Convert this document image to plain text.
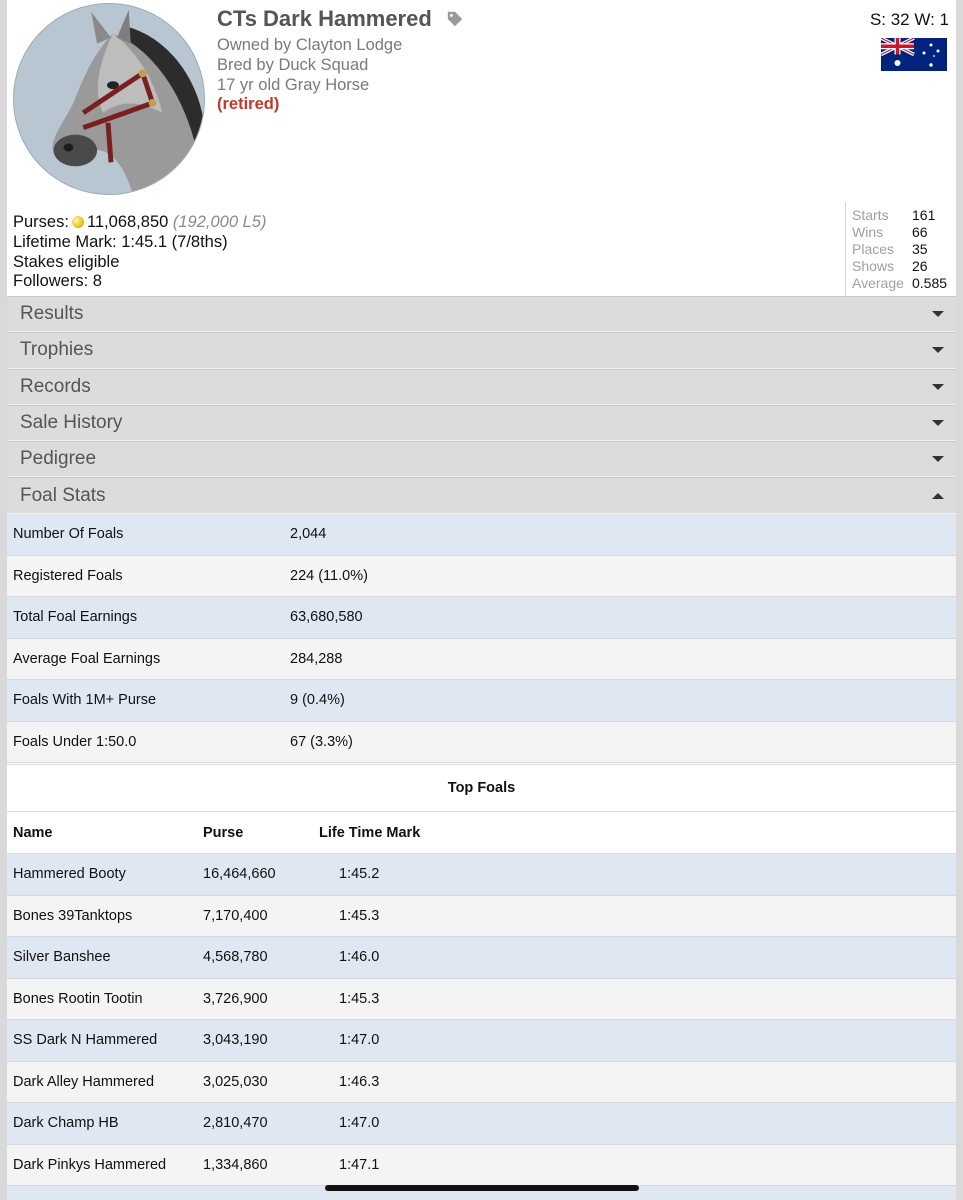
CTs Dark Hammered
Owned by Clayton Lodge
Bred by Duck Squad
17 yr old Gray Horse
(retired)
S: 32 W: 1
Purses: 11,068,850 (192,000 L5)
Lifetime Mark: 1:45.1 (7/8ths)
Stakes eligible
Followers: 8
Starts	161
Wins	66
Places	35
Shows	26
Average 0.585
Results
Trophies
Records
Sale History
Pedigree
Foal Stats
Number Of Foals	2,044
Registered Foals	224 (11.0%)
Total Foal Earnings	63,680,580
Average Foal Earnings	284,288
Foals With 1M+ Purse	9 (0.4%)
Foals Under 1:50.0	67 (3.3%)
Top Foals
Name	Purse	Life Time Mark
Hammered Booty	16,464,660	1:45.2
Bones 39Tanktops	7,170,400	1:45.3
Silver Banshee	4,568,780	1:46.0
Bones Rootin Tootin	3,726,900	1:45.3
SS Dark N Hammered	3,043,190	1:47.0
Dark Alley Hammered	3,025,030	1:46.3
Dark Champ HB	2,810,470	1:47.0
Dark Pinkys Hammered	1,334,860	1:47.1
